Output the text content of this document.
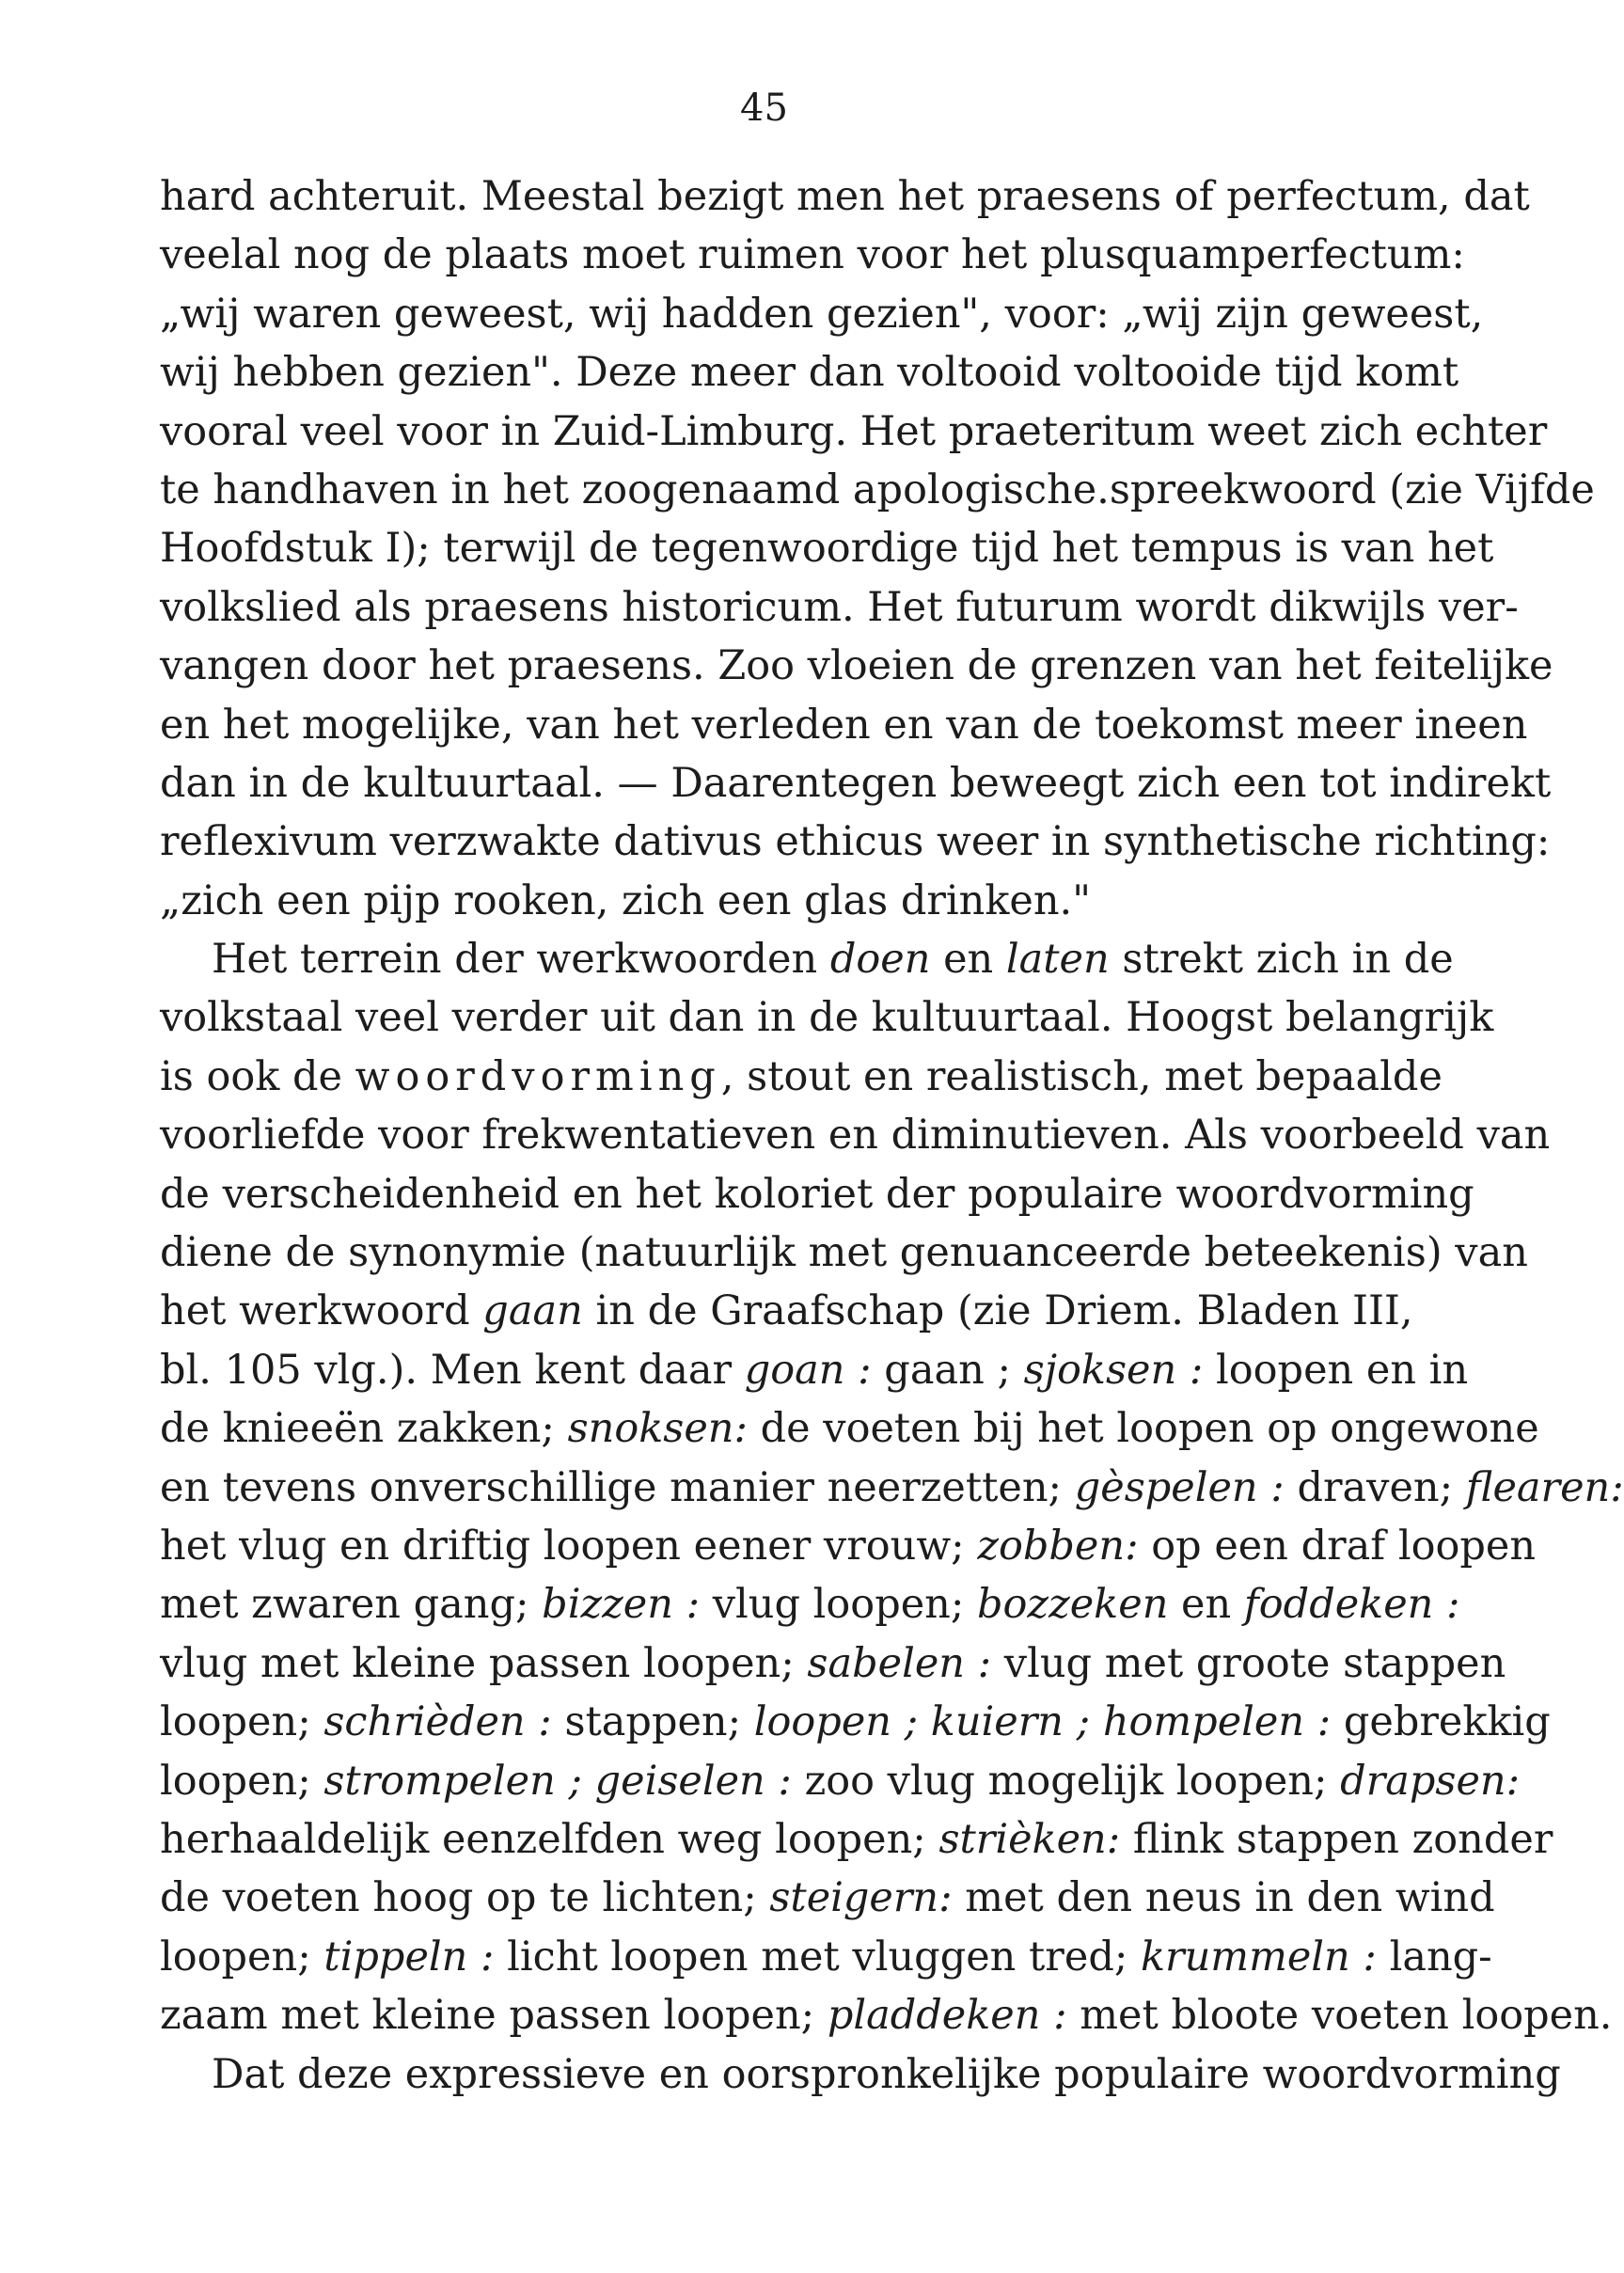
45
hard achteruit. Meestal bezigt men het praesens of perfectum, dat
veelal nog de plaats moet ruimen voor het plusquamperfectum:
„wij waren geweest, wij hadden gezien", voor: „wij zijn geweest,
wij hebben gezien". Deze meer dan voltooid voltooide tijd komt
vooral veel voor in Zuid-Limburg. Het praeteritum weet zich echter
te handhaven in het zoogenaamd apologische.spreekwoord (zie Vijfde
Hoofdstuk I); terwijl de tegenwoordige tijd het tempus is van het
volkslied als praesens historicum. Het futurum wordt dikwijls ver-
vangen door het praesens. Zoo vloeien de grenzen van het feitelijke
en het mogelijke, van het verleden en van de toekomst meer ineen
dan in de kultuurtaal. — Daarentegen beweegt zich een tot indirekt
reflexivum verzwakte dativus ethicus weer in synthetische richting:
„zich een pijp rooken, zich een glas drinken."
Het terrein der werkwoorden doen en laten strekt zich in de
volkstaal veel verder uit dan in de kultuurtaal. Hoogst belangrijk
is ook de woordvorming, stout en realistisch, met bepaalde
voorliefde voor frekwentatieven en diminutieven. Als voorbeeld van
de verscheidenheid en het koloriet der populaire woordvorming
diene de synonymie (natuurlijk met genuanceerde beteekenis) van
het werkwoord gaan in de Graafschap (zie Driem. Bladen III,
bl. 105 vlg.). Men kent daar goan : gaan ; sjoksen : loopen en in
de knieeën zakken; snoksen: de voeten bij het loopen op ongewone
en tevens onverschillige manier neerzetten; gèspelen : draven; flearen:
het vlug en driftig loopen eener vrouw; zobben: op een draf loopen
met zwaren gang; bizzen : vlug loopen; bozzeken en foddeken :
vlug met kleine passen loopen; sabelen : vlug met groote stappen
loopen; schrièden : stappen; loopen ; kuiern ; hompelen : gebrekkig
loopen; strompelen ; geiselen : zoo vlug mogelijk loopen; drapsen:
herhaaldelijk eenzelfden weg loopen; strièken: flink stappen zonder
de voeten hoog op te lichten; steigern: met den neus in den wind
loopen; tippeln : licht loopen met vluggen tred; krummeln : lang-
zaam met kleine passen loopen; pladdeken : met bloote voeten loopen.
Dat deze expressieve en oorspronkelijke populaire woordvorming
